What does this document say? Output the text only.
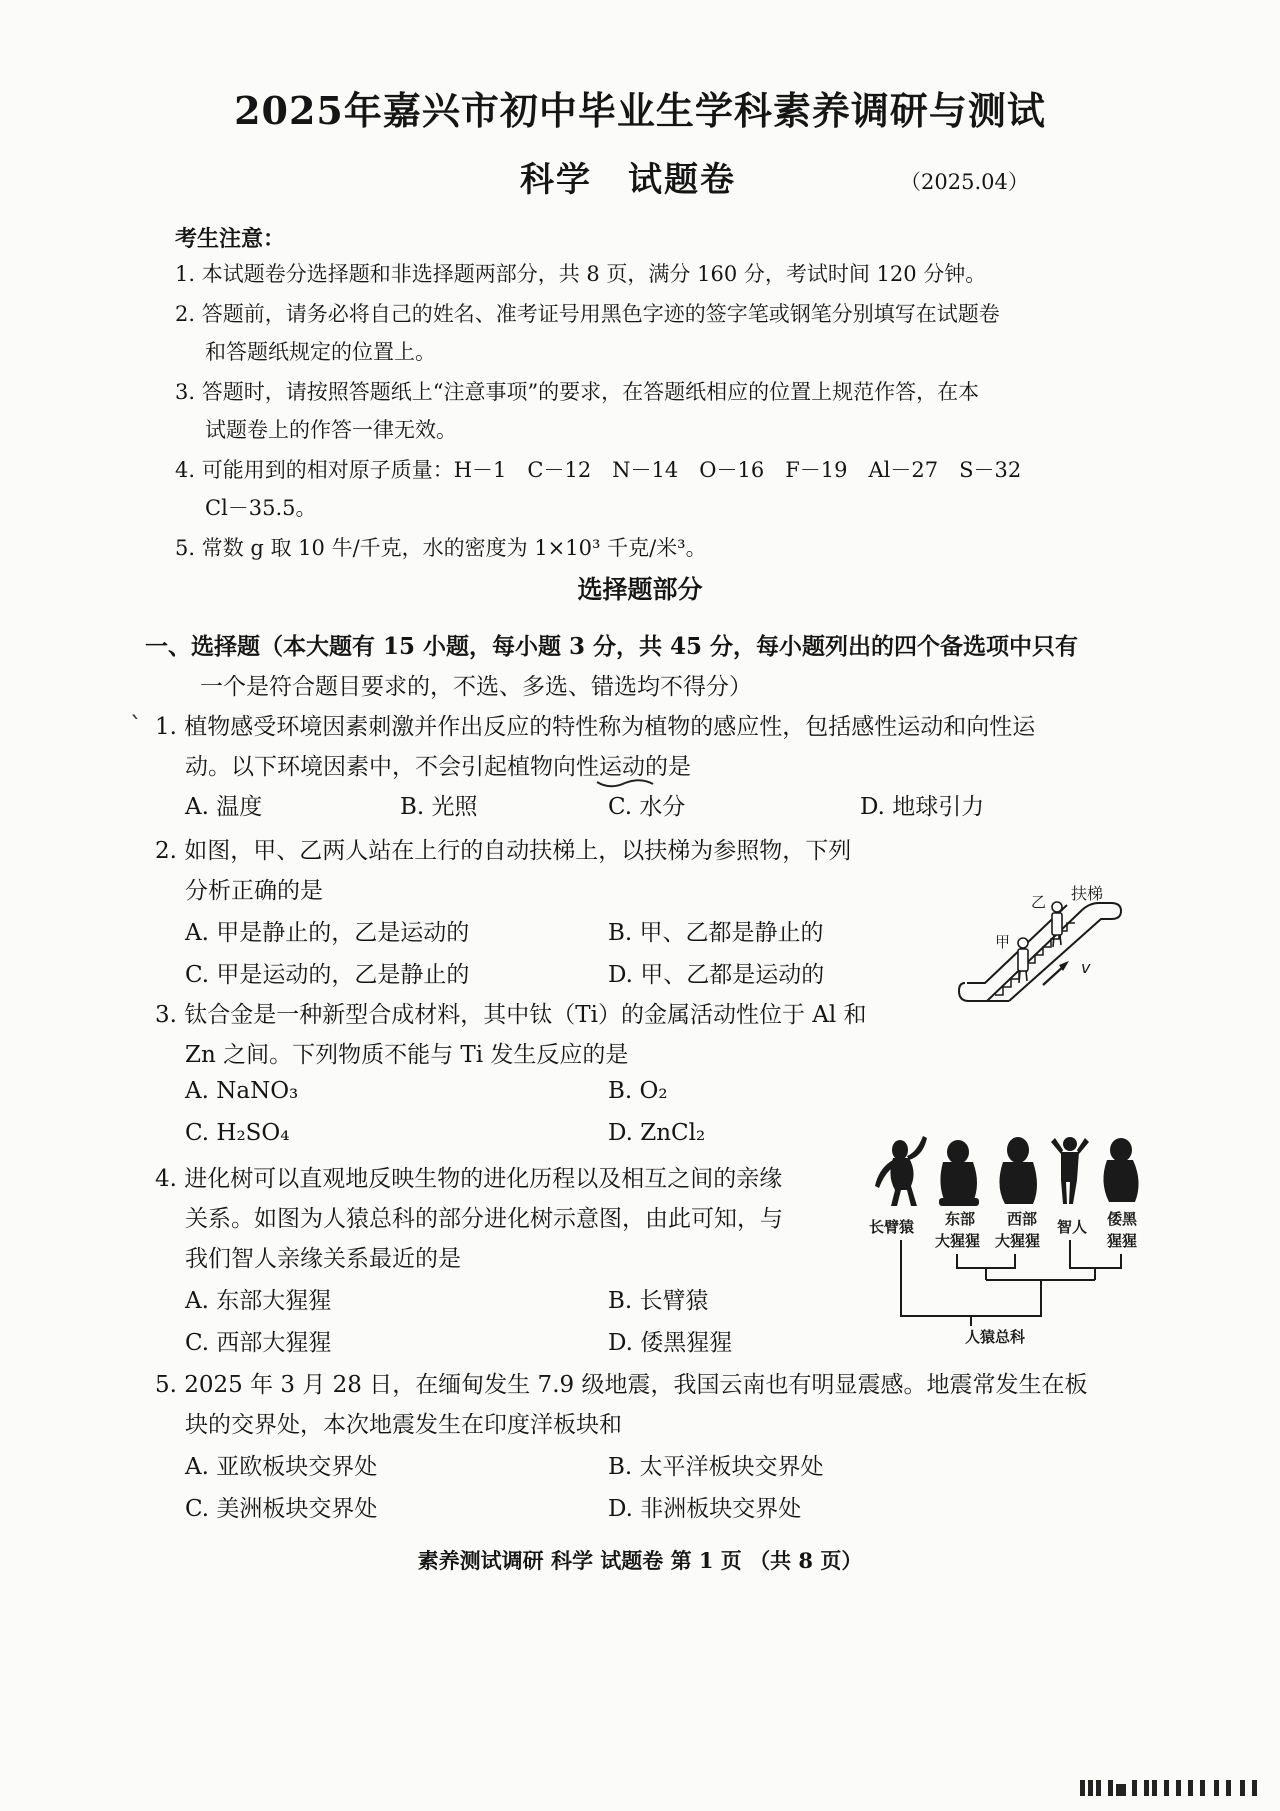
2025年嘉兴市初中毕业生学科素养调研与测试
科学　试题卷	（2025.04）
考生注意：
1. 本试题卷分选择题和非选择题两部分，共 8 页，满分 160 分，考试时间 120 分钟。
2. 答题前，请务必将自己的姓名、准考证号用黑色字迹的签字笔或钢笔分别填写在试题卷
和答题纸规定的位置上。
3. 答题时，请按照答题纸上“注意事项”的要求，在答题纸相应的位置上规范作答，在本
试题卷上的作答一律无效。
4. 可能用到的相对原子质量：H－1　C－12　N－14　O－16　F－19　Al－27　S－32
Cl－35.5。
5. 常数 g 取 10 牛/千克，水的密度为 1×10³ 千克/米³。
选择题部分
一、选择题（本大题有 15 小题，每小题 3 分，共 45 分，每小题列出的四个备选项中只有
一个是符合题目要求的，不选、多选、错选均不得分）
ˋ 1. 植物感受环境因素刺激并作出反应的特性称为植物的感应性，包括感性运动和向性运
动。以下环境因素中，不会引起植物向性运动的是
A. 温度	B. 光照	C. 水分	D. 地球引力
2. 如图，甲、乙两人站在上行的自动扶梯上，以扶梯为参照物，下列
分析正确的是
A. 甲是静止的，乙是运动的	B. 甲、乙都是静止的
C. 甲是运动的，乙是静止的	D. 甲、乙都是运动的
甲
乙 扶梯
v
3. 钛合金是一种新型合成材料，其中钛（Ti）的金属活动性位于 Al 和
Zn 之间。下列物质不能与 Ti 发生反应的是
A. NaNO₃	B. O₂
C. H₂SO₄	D. ZnCl₂
4. 进化树可以直观地反映生物的进化历程以及相互之间的亲缘
关系。如图为人猿总科的部分进化树示意图，由此可知，与
我们智人亲缘关系最近的是
A. 东部大猩猩	B. 长臂猿
C. 西部大猩猩	D. 倭黑猩猩
长臂猿 东部
大猩猩
西部
大猩猩
智人 倭黑
猩猩
人猿总科
5. 2025 年 3 月 28 日，在缅甸发生 7.9 级地震，我国云南也有明显震感。地震常发生在板
块的交界处，本次地震发生在印度洋板块和
A. 亚欧板块交界处	B. 太平洋板块交界处
C. 美洲板块交界处	D. 非洲板块交界处
素养测试调研 科学 试题卷 第 1 页 （共 8 页）
